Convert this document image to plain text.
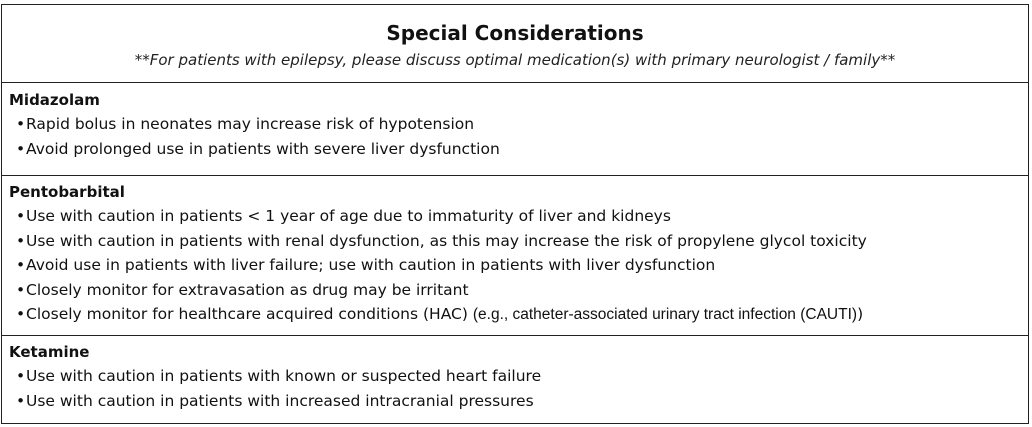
Special Considerations
**For patients with epilepsy, please discuss optimal medication(s) with primary neurologist / family**
Midazolam
• Rapid bolus in neonates may increase risk of hypotension
• Avoid prolonged use in patients with severe liver dysfunction
Pentobarbital
• Use with caution in patients < 1 year of age due to immaturity of liver and kidneys
• Use with caution in patients with renal dysfunction, as this may increase the risk of propylene glycol toxicity
• Avoid use in patients with liver failure; use with caution in patients with liver dysfunction
• Closely monitor for extravasation as drug may be irritant
• Closely monitor for healthcare acquired conditions (HAC) (e.g., catheter-associated urinary tract infection (CAUTI))
Ketamine
• Use with caution in patients with known or suspected heart failure
• Use with caution in patients with increased intracranial pressures
